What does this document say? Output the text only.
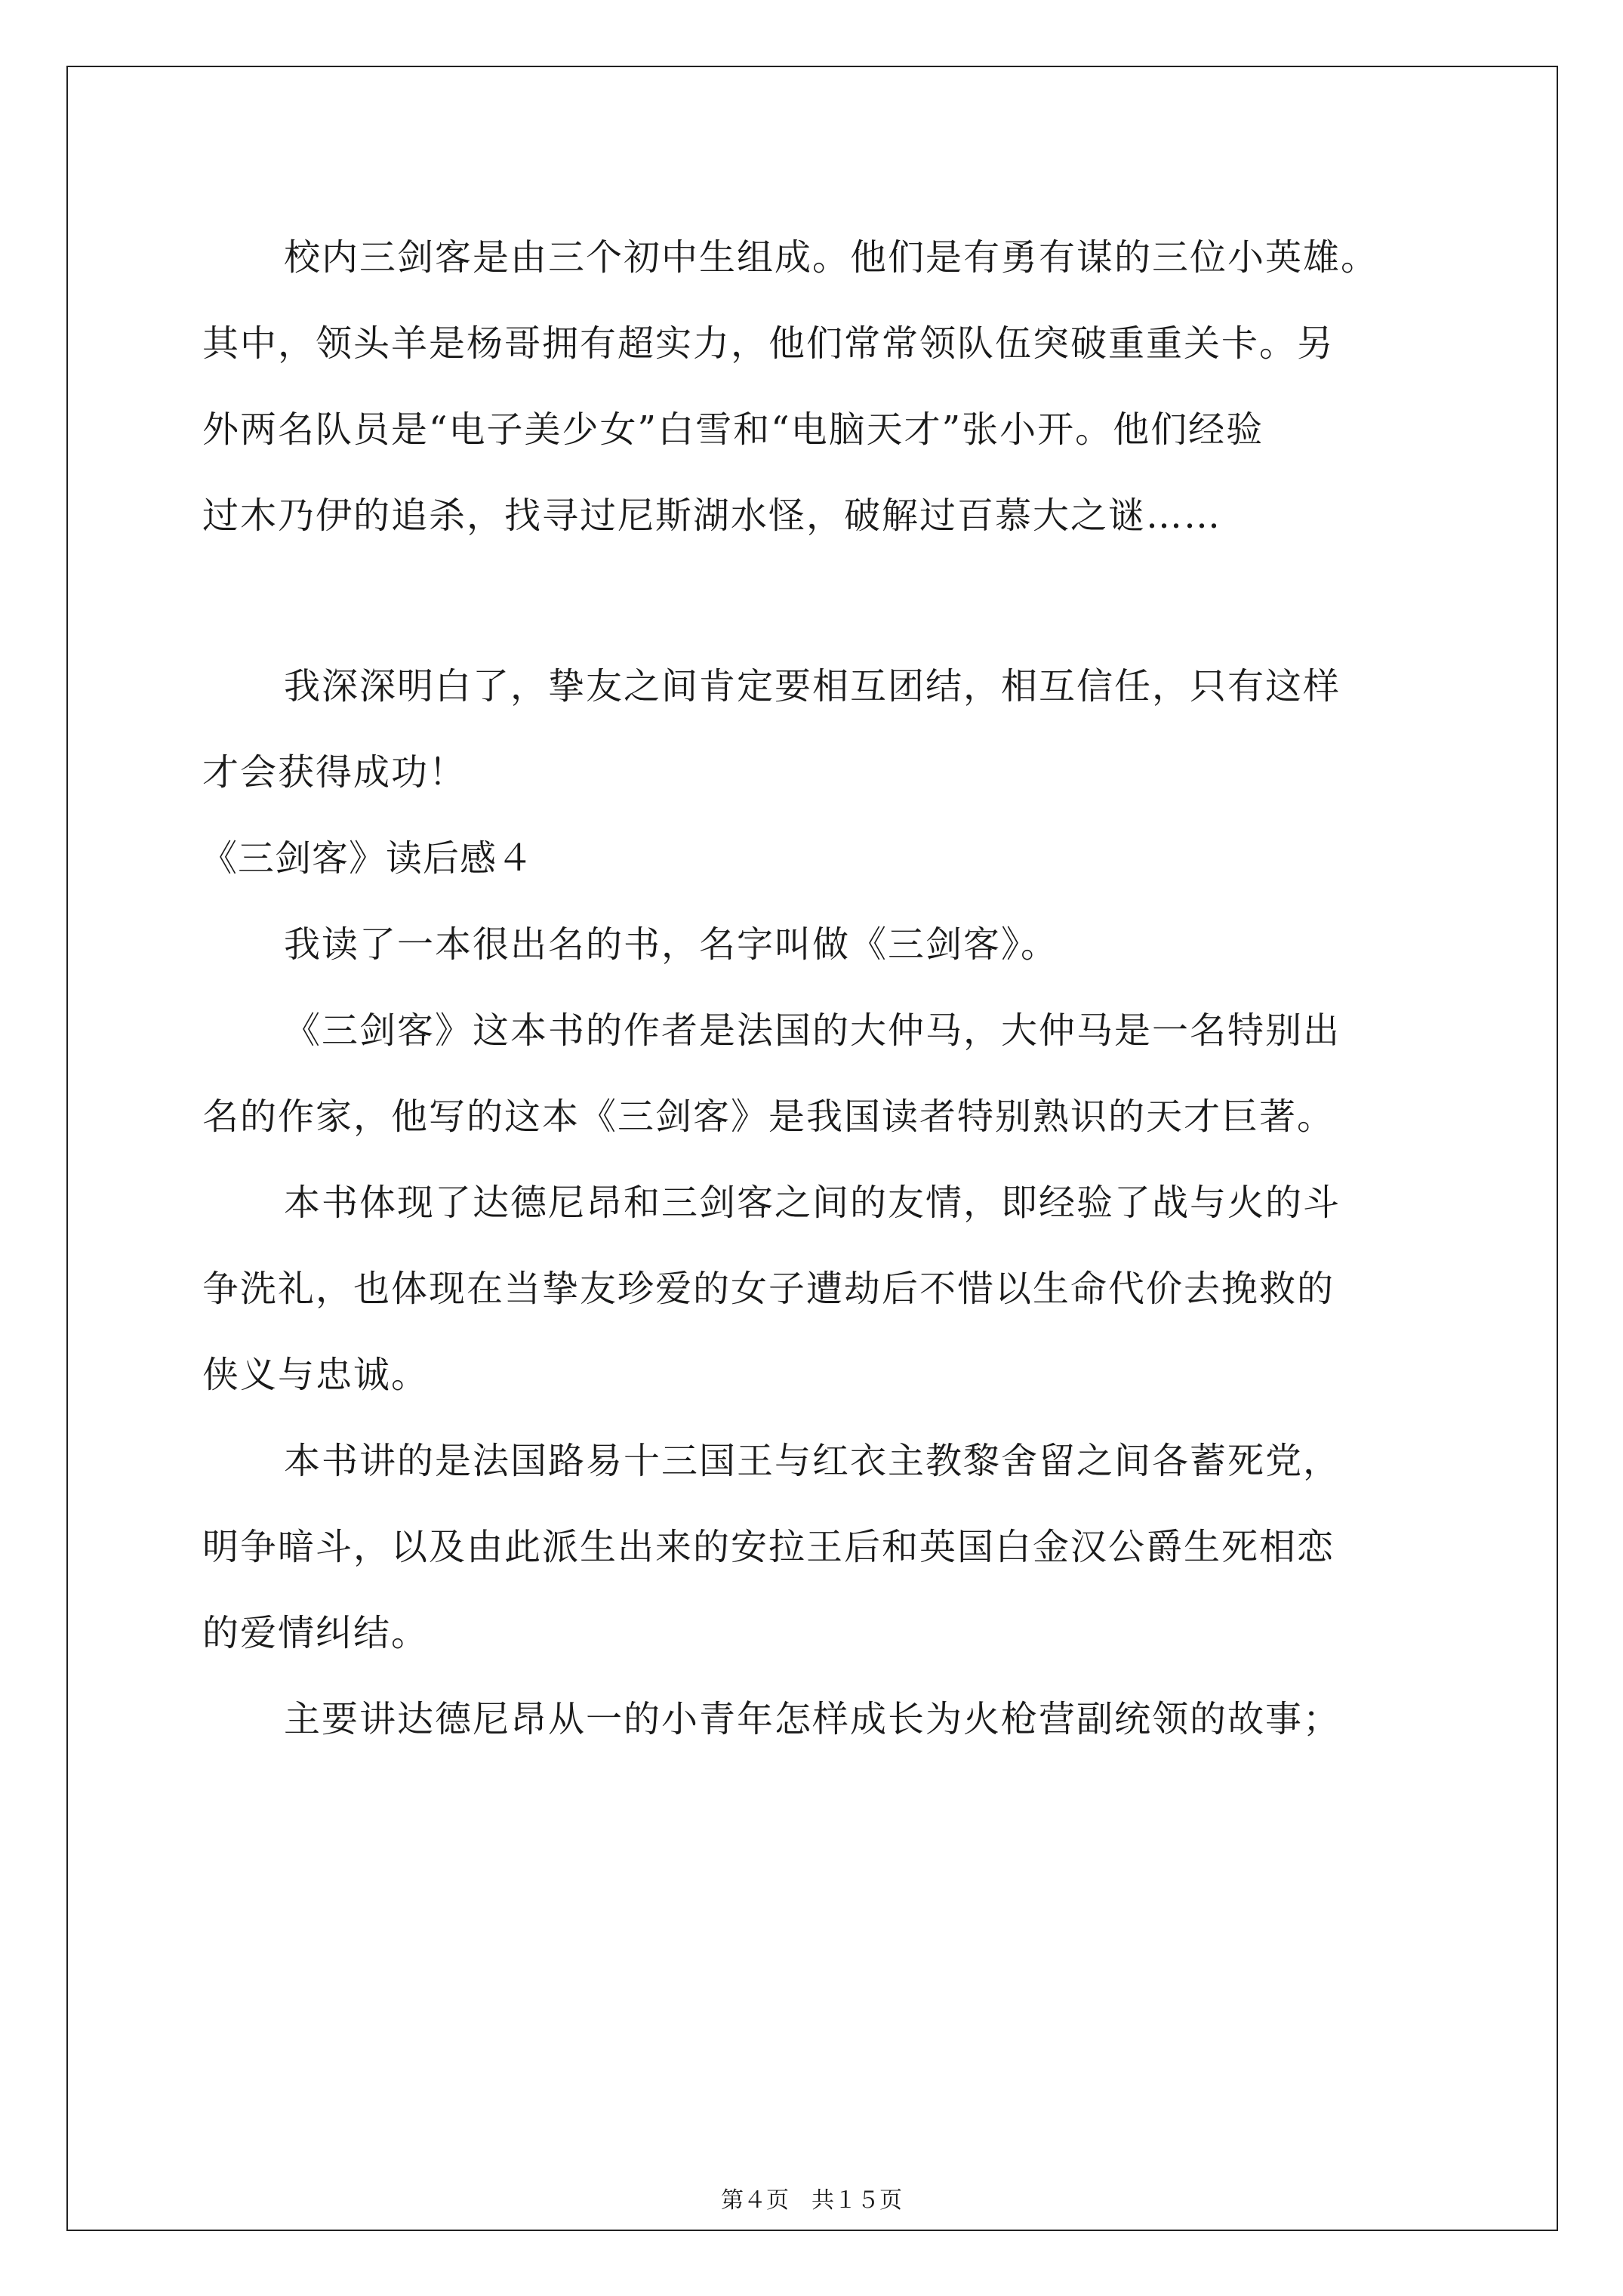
校内三剑客是由三个初中生组成。他们是有勇有谋的三位小英雄。
其中，领头羊是杨哥拥有超实力，他们常常领队伍突破重重关卡。另
外两名队员是“电子美少女”白雪和“电脑天才”张小开。他们经验
过木乃伊的追杀，找寻过尼斯湖水怪，破解过百慕大之谜……
我深深明白了，挚友之间肯定要相互团结，相互信任，只有这样
才会获得成功！
《三剑客》读后感４
我读了一本很出名的书，名字叫做《三剑客》。
《三剑客》这本书的作者是法国的大仲马，大仲马是一名特别出
名的作家，他写的这本《三剑客》是我国读者特别熟识的天才巨著。
本书体现了达德尼昂和三剑客之间的友情，即经验了战与火的斗
争洗礼，也体现在当挚友珍爱的女子遭劫后不惜以生命代价去挽救的
侠义与忠诚。
本书讲的是法国路易十三国王与红衣主教黎舍留之间各蓄死党，
明争暗斗，以及由此派生出来的安拉王后和英国白金汉公爵生死相恋
的爱情纠结。
主要讲达德尼昂从一的小青年怎样成长为火枪营副统领的故事；
第４页　共１５页
